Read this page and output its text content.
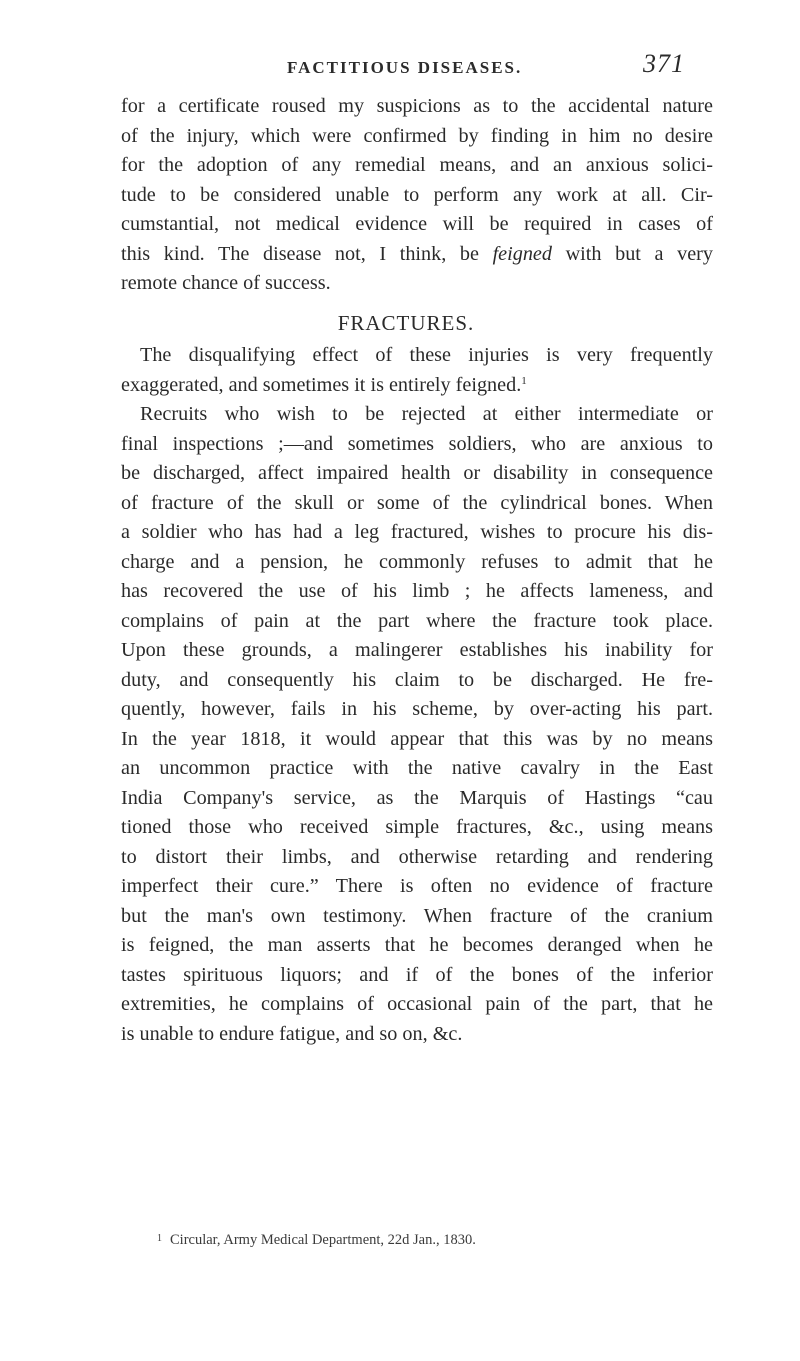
FACTITIOUS DISEASES.	371
for a certificate roused my suspicions as to the accidental nature
of the injury, which were confirmed by finding in him no desire
for the adoption of any remedial means, and an anxious solici-
tude to be considered unable to perform any work at all. Cir-
cumstantial, not medical evidence will be required in cases of
this kind. The disease not, I think, be feigned with but a very
remote chance of success.
FRACTURES.
The disqualifying effect of these injuries is very frequently
exaggerated, and sometimes it is entirely feigned.$^1$
Recruits who wish to be rejected at either intermediate or
final inspections ;—and sometimes soldiers, who are anxious to
be discharged, affect impaired health or disability in consequence
of fracture of the skull or some of the cylindrical bones. When
a soldier who has had a leg fractured, wishes to procure his dis-
charge and a pension, he commonly refuses to admit that he
has recovered the use of his limb ; he affects lameness, and
complains of pain at the part where the fracture took place.
Upon these grounds, a malingerer establishes his inability for
duty, and consequently his claim to be discharged. He fre-
quently, however, fails in his scheme, by over-acting his part.
In the year 1818, it would appear that this was by no means
an uncommon practice with the native cavalry in the East
India Company's service, as the Marquis of Hastings “cau
tioned those who received simple fractures, &c., using means
to distort their limbs, and otherwise retarding and rendering
imperfect their cure.” There is often no evidence of fracture
but the man's own testimony. When fracture of the cranium
is feigned, the man asserts that he becomes deranged when he
tastes spirituous liquors; and if of the bones of the inferior
extremities, he complains of occasional pain of the part, that he
is unable to endure fatigue, and so on, &c.
$^1$ Circular, Army Medical Department, 22d Jan., 1830.
